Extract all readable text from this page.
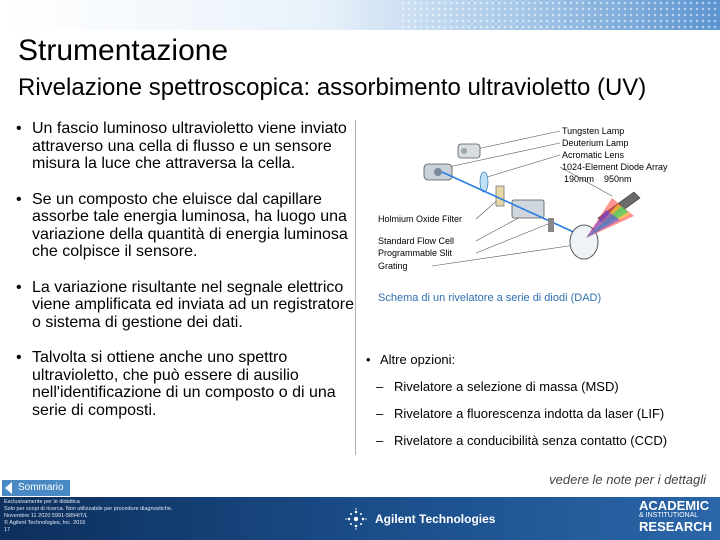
Strumentazione
Rivelazione spettroscopica: assorbimento ultravioletto (UV)
• Un fascio luminoso ultravioletto viene inviato attraverso una cella di flusso e un sensore misura la luce che attraversa la cella.
• Se un composto che eluisce dal capillare assorbe tale energia luminosa, ha luogo una variazione della quantità di energia luminosa che colpisce il sensore.
• La variazione risultante nel segnale elettrico viene amplificata ed inviata ad un registratore o sistema di gestione dei dati.
• Talvolta si ottiene anche uno spettro ultravioletto, che può essere di ausilio nell'identificazione di un composto o di una serie di composti.
Tungsten Lamp
Deuterium Lamp
Acromatic Lens
1024-Element Diode Array
190mm 950nm
Holmium Oxide Filter
Standard Flow Cell
Programmable Slit
Grating
Schema di un rivelatore a serie di diodi (DAD)
• Altre opzioni:
– Rivelatore a selezione di massa (MSD)
– Rivelatore a fluorescenza indotta da laser (LIF)
– Rivelatore a conducibilità senza contatto (CCD)
vedere le note per i dettagli
Sommario
Esclusivamente per le didattica
Solo per scopi di ricerca. Non utilizzabile per procedure diagnostiche.
Novembre 11 2020 5991-5894IT/L
© Agilent Technologies, Inc. 2016
17
Agilent Technologies
ACADEMIC
& INSTITUTIONAL
RESEARCH
